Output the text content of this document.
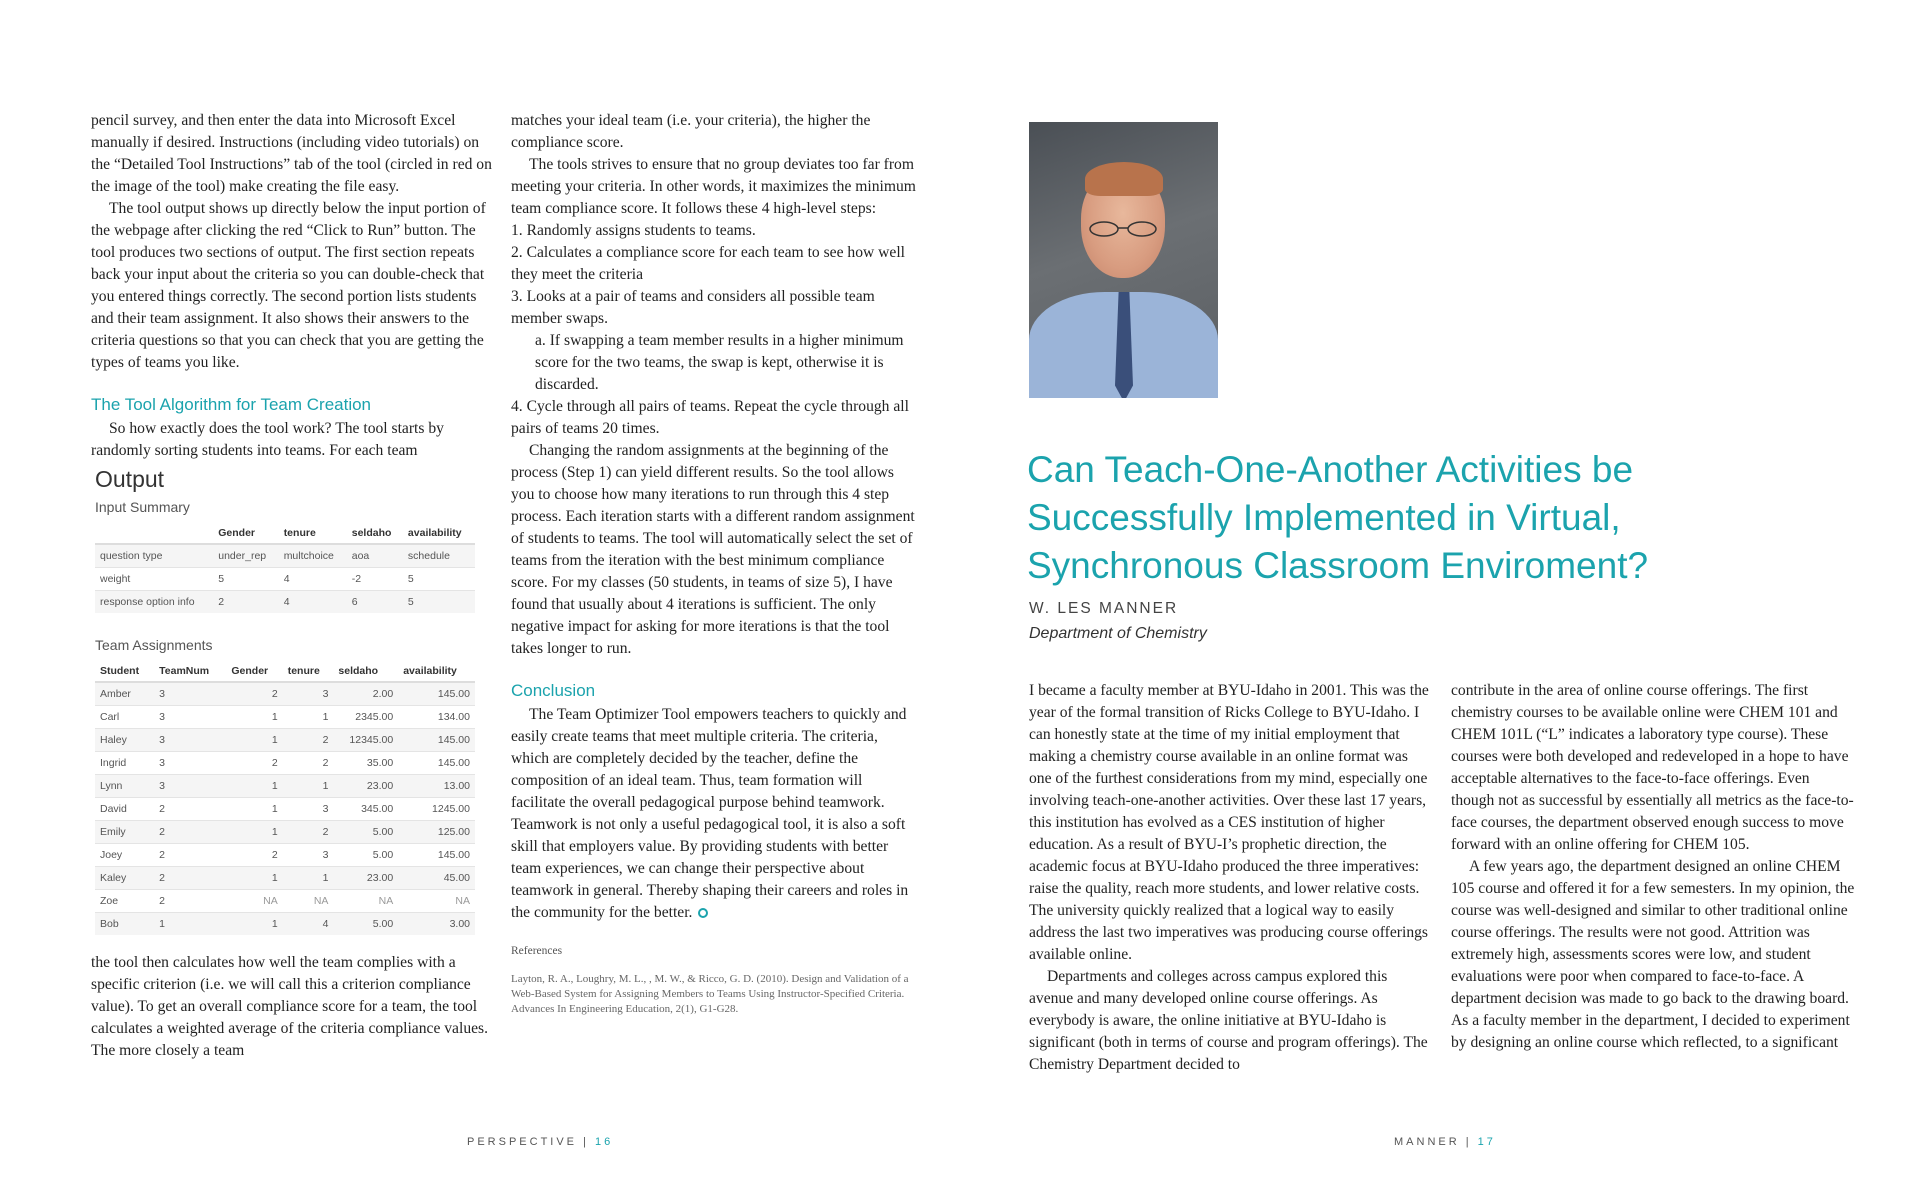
pencil survey, and then enter the data into Microsoft Excel manually if desired. Instructions (including video tutorials) on the “Detailed Tool Instructions” tab of the tool (circled in red on the image of the tool) make creating the file easy.

The tool output shows up directly below the input portion of the webpage after clicking the red “Click to Run” button. The tool produces two sections of output. The first section repeats back your input about the criteria so you can double-check that you entered things correctly. The second portion lists students and their team assignment. It also shows their answers to the criteria questions so that you can check that you are getting the types of teams you like.

The Tool Algorithm for Team Creation

So how exactly does the tool work? The tool starts by randomly sorting students into teams. For each team

Output
Input Summary
	Gender	tenure	seldaho	availability
question type	under_rep	multchoice	aoa	schedule
weight	5	4	-2	5
response option info	2	4	6	5
Team Assignments
Student	TeamNum	Gender	tenure	seldaho	availability
Amber	3	2	3	2.00	145.00
Carl	3	1	1	2345.00	134.00
Haley	3	1	2	12345.00	145.00
Ingrid	3	2	2	35.00	145.00
Lynn	3	1	1	23.00	13.00
David	2	1	3	345.00	1245.00
Emily	2	1	2	5.00	125.00
Joey	2	2	3	5.00	145.00
Kaley	2	1	1	23.00	45.00
Zoe	2	NA	NA	NA	NA
Bob	1	1	4	5.00	3.00

the tool then calculates how well the team complies with a specific criterion (i.e. we will call this a criterion compliance value). To get an overall compliance score for a team, the tool calculates a weighted average of the criteria compliance values. The more closely a team

matches your ideal team (i.e. your criteria), the higher the compliance score.

The tools strives to ensure that no group deviates too far from meeting your criteria. In other words, it maximizes the minimum team compliance score. It follows these 4 high-level steps:

1. Randomly assigns students to teams.

2. Calculates a compliance score for each team to see how well they meet the criteria

3. Looks at a pair of teams and considers all possible team member swaps.

a. If swapping a team member results in a higher minimum score for the two teams, the swap is kept, otherwise it is discarded.

4. Cycle through all pairs of teams. Repeat the cycle through all pairs of teams 20 times.

Changing the random assignments at the beginning of the process (Step 1) can yield different results. So the tool allows you to choose how many iterations to run through this 4 step process. Each iteration starts with a different random assignment of students to teams. The tool will automatically select the set of teams from the iteration with the best minimum compliance score. For my classes (50 students, in teams of size 5), I have found that usually about 4 iterations is sufficient. The only negative impact for asking for more iterations is that the tool takes longer to run.

Conclusion

The Team Optimizer Tool empowers teachers to quickly and easily create teams that meet multiple criteria. The criteria, which are completely decided by the teacher, define the composition of an ideal team. Thus, team formation will facilitate the overall pedagogical purpose behind teamwork. Teamwork is not only a useful pedagogical tool, it is also a soft skill that employers value. By providing students with better team experiences, we can change their perspective about teamwork in general. Thereby shaping their careers and roles in the community for the better.

References
Layton, R. A., Loughry, M. L., , M. W., & Ricco, G. D. (2010). Design and Validation of a Web-Based System for Assigning Members to Teams Using Instructor-Specified Criteria. Advances In Engineering Education, 2(1), G1-G28.
PERSPECTIVE | 16
Can Teach-One-Another Activities be Successfully Implemented in Virtual, Synchronous Classroom Enviroment?
W. LES MANNER
Department of Chemistry

I became a faculty member at BYU-Idaho in 2001. This was the year of the formal transition of Ricks College to BYU-Idaho. I can honestly state at the time of my initial employment that making a chemistry course available in an online format was one of the furthest considerations from my mind, especially one involving teach-one-another activities. Over these last 17 years, this institution has evolved as a CES institution of higher education. As a result of BYU-I’s prophetic direction, the academic focus at BYU-Idaho produced the three imperatives: raise the quality, reach more students, and lower relative costs. The university quickly realized that a logical way to easily address the last two imperatives was producing course offerings available online.

Departments and colleges across campus explored this avenue and many developed online course offerings. As everybody is aware, the online initiative at BYU-Idaho is significant (both in terms of course and program offerings). The Chemistry Department decided to

contribute in the area of online course offerings. The first chemistry courses to be available online were CHEM 101 and CHEM 101L (“L” indicates a laboratory type course). These courses were both developed and redeveloped in a hope to have acceptable alternatives to the face-to-face offerings. Even though not as successful by essentially all metrics as the face-to-face courses, the department observed enough success to move forward with an online offering for CHEM 105.

A few years ago, the department designed an online CHEM 105 course and offered it for a few semesters. In my opinion, the course was well-designed and similar to other traditional online course offerings. The results were not good. Attrition was extremely high, assessments scores were low, and student evaluations were poor when compared to face-to-face. A department decision was made to go back to the drawing board. As a faculty member in the department, I decided to experiment by designing an online course which reflected, to a significant

MANNER | 17
